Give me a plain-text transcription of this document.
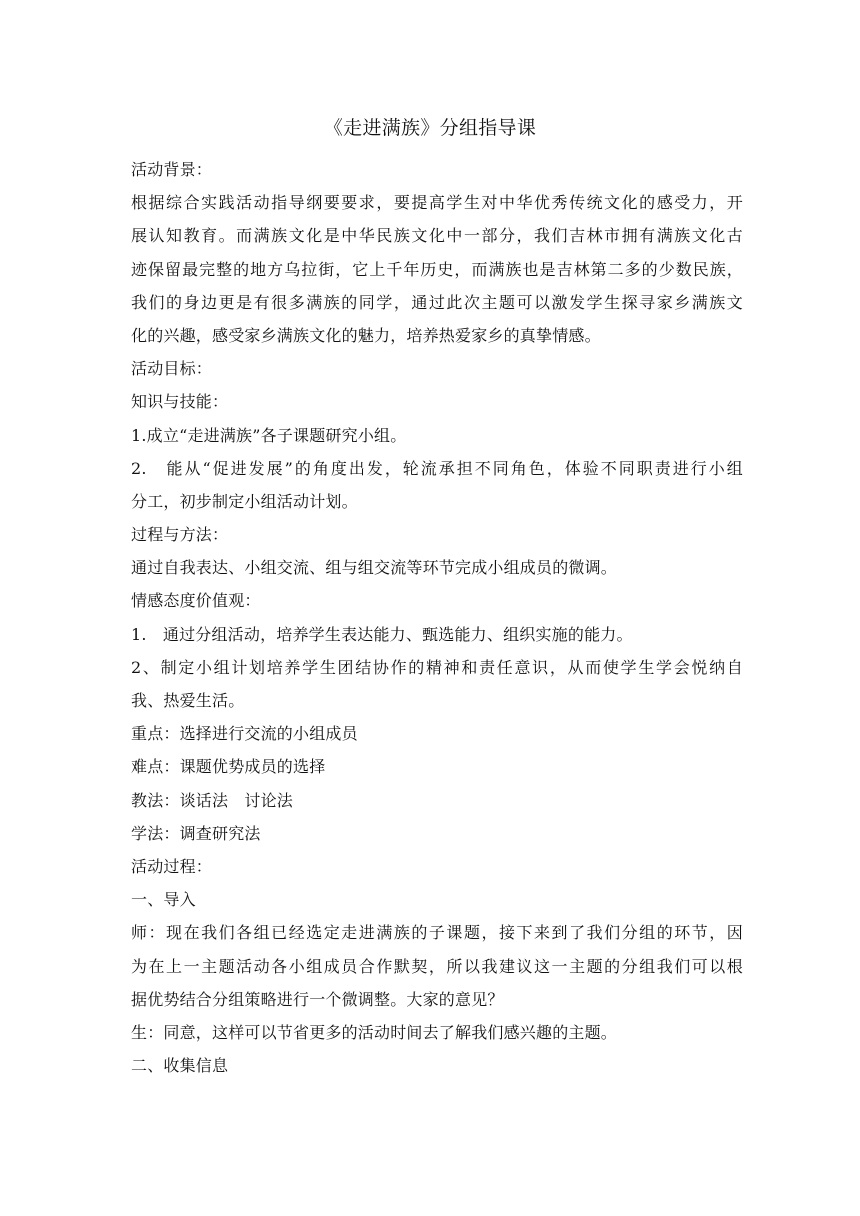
《走进满族》分组指导课
活动背景：
根据综合实践活动指导纲要要求，要提高学生对中华优秀传统文化的感受力，开
展认知教育。而满族文化是中华民族文化中一部分，我们吉林市拥有满族文化古
迹保留最完整的地方乌拉街，它上千年历史，而满族也是吉林第二多的少数民族，
我们的身边更是有很多满族的同学，通过此次主题可以激发学生探寻家乡满族文
化的兴趣，感受家乡满族文化的魅力，培养热爱家乡的真挚情感。
活动目标：
知识与技能：
1.成立“走进满族”各子课题研究小组。
2.　能从“促进发展”的角度出发，轮流承担不同角色，体验不同职责进行小组
分工，初步制定小组活动计划。
过程与方法：
通过自我表达、小组交流、组与组交流等环节完成小组成员的微调。
情感态度价值观：
1.　通过分组活动，培养学生表达能力、甄选能力、组织实施的能力。
2、制定小组计划培养学生团结协作的精神和责任意识，从而使学生学会悦纳自
我、热爱生活。
重点：选择进行交流的小组成员
难点：课题优势成员的选择
教法：谈话法　讨论法
学法：调查研究法
活动过程：
一、导入
师：现在我们各组已经选定走进满族的子课题，接下来到了我们分组的环节，因
为在上一主题活动各小组成员合作默契，所以我建议这一主题的分组我们可以根
据优势结合分组策略进行一个微调整。大家的意见？
生：同意，这样可以节省更多的活动时间去了解我们感兴趣的主题。
二、收集信息
